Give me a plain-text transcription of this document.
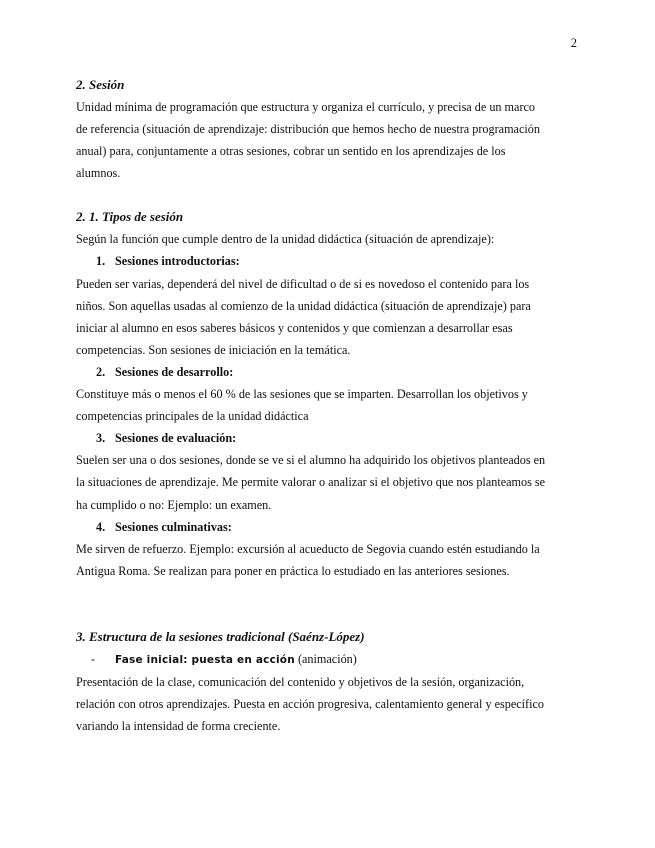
2

2. Sesión

Unidad mínima de programación que estructura y organiza el currículo, y precisa de un marco

de referencia (situación de aprendizaje: distribución que hemos hecho de nuestra programación

anual) para, conjuntamente a otras sesiones, cobrar un sentido en los aprendizajes de los

alumnos.

2. 1. Tipos de sesión

Según la función que cumple dentro de la unidad didáctica (situación de aprendizaje):

1. Sesiones introductorias:

Pueden ser varias, dependerá del nivel de dificultad o de si es novedoso el contenido para los

niños. Son aquellas usadas al comienzo de la unidad didáctica (situación de aprendizaje) para

iniciar al alumno en esos saberes básicos y contenidos y que comienzan a desarrollar esas

competencias. Son sesiones de iniciación en la temática.

2. Sesiones de desarrollo:

Constituye más o menos el 60 % de las sesiones que se imparten. Desarrollan los objetivos y

competencias principales de la unidad didáctica

3. Sesiones de evaluación:

Suelen ser una o dos sesiones, donde se ve si el alumno ha adquirido los objetivos planteados en

la situaciones de aprendizaje. Me permite valorar o analizar si el objetivo que nos planteamos se

ha cumplido o no: Ejemplo: un examen.

4. Sesiones culminativas:

Me sirven de refuerzo. Ejemplo: excursión al acueducto de Segovia cuando estén estudiando la

Antigua Roma. Se realizan para poner en práctica lo estudiado en las anteriores sesiones.

3. Estructura de la sesiones tradicional (Saénz-López)

- Fase inicial: puesta en acción (animación)

Presentación de la clase, comunicación del contenido y objetivos de la sesión, organización,

relación con otros aprendizajes. Puesta en acción progresiva, calentamiento general y específico

variando la intensidad de forma creciente.
